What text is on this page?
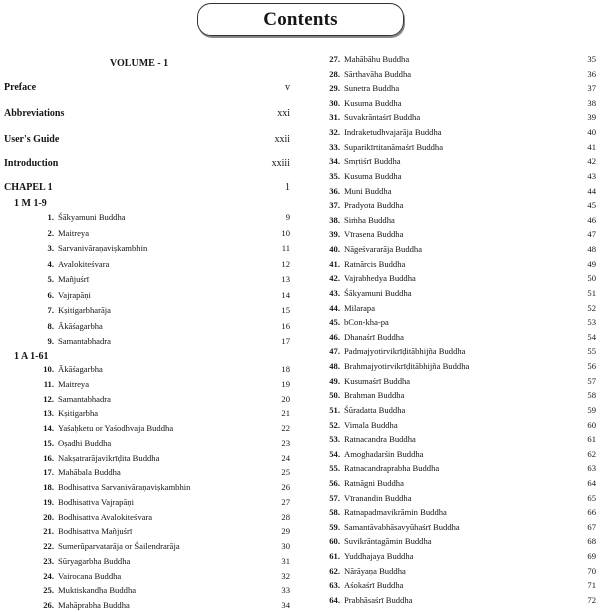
Contents
VOLUME - 1
Preface	v
Abbreviations	xxi
User's Guide	xxii
Introduction	xxiii
CHAPEL 1	1
1 M 1-9
1 A 1-61
1. Śākyamuni Buddha	9
2. Maitreya	10
3. Sarvanivāraṇaviṣkambhin	11
4. Avalokiteśvara	12
5. Mañjuśrī	13
6. Vajrapāṇi	14
7. Kṣitigarbharāja	15
8. Ākāśagarbha	16
9. Samantabhadra	17
10. Ākāśagarbha	18
11. Maitreya	19
12. Samantabhadra	20
13. Kṣitigarbha	21
14. Yaśaḥketu or Yaśodhvaja Buddha	22
15. Oṣadhi Buddha	23
16. Nakṣatrarājavikrīḍita Buddha	24
17. Mahābala Buddha	25
18. Bodhisattva Sarvanivāraṇaviṣkambhin	26
19. Bodhisattva Vajrapāṇi	27
20. Bodhisattva Avalokiteśvara	28
21. Bodhisattva Mañjuśrī	29
22. Sumerūparvatarāja or Śailendrarāja	30
23. Sūryagarbha Buddha	31
24. Vairocana Buddha	32
25. Muktiskandha Buddha	33
26. Mahāprabha Buddha	34
27. Mahābāhu Buddha	35
28. Sārthavāha Buddha	36
29. Sunetra Buddha	37
30. Kusuma Buddha	38
31. Suvakrāntaśrī Buddha	39
32. Indraketudhvajarāja Buddha	40
33. Suparikīrtitanāmaśrī Buddha	41
34. Smṛtiśrī Buddha	42
35. Kusuma Buddha	43
36. Muni Buddha	44
37. Pradyota Buddha	45
38. Siṁha Buddha	46
39. Vīrasena Buddha	47
40. Nāgeśvararāja Buddha	48
41. Ratnārcis Buddha	49
42. Vajrabhedya Buddha	50
43. Śākyamuni Buddha	51
44. Milarapa	52
45. bCon-kha-pa	53
46. Dhanaśrī Buddha	54
47. Padmajyotirvikrīḍitābhijña Buddha	55
48. Brahmajyotirvikrīḍitābhijña Buddha	56
49. Kusumaśrī Buddha	57
50. Brahman Buddha	58
51. Śūradatta Buddha	59
52. Vimala Buddha	60
53. Ratnacandra Buddha	61
54. Amoghadarśin Buddha	62
55. Ratnacandraprabha Buddha	63
56. Ratnāgni Buddha	64
57. Vīranandin Buddha	65
58. Ratnapadmavikrāmin Buddha	66
59. Samantāvabhāsavyūhaśrī Buddha	67
60. Suvikrāntagāmin Buddha	68
61. Yuddhajaya Buddha	69
62. Nārāyaṇa Buddha	70
63. Aśokaśrī Buddha	71
64. Prabhāsaśrī Buddha	72
